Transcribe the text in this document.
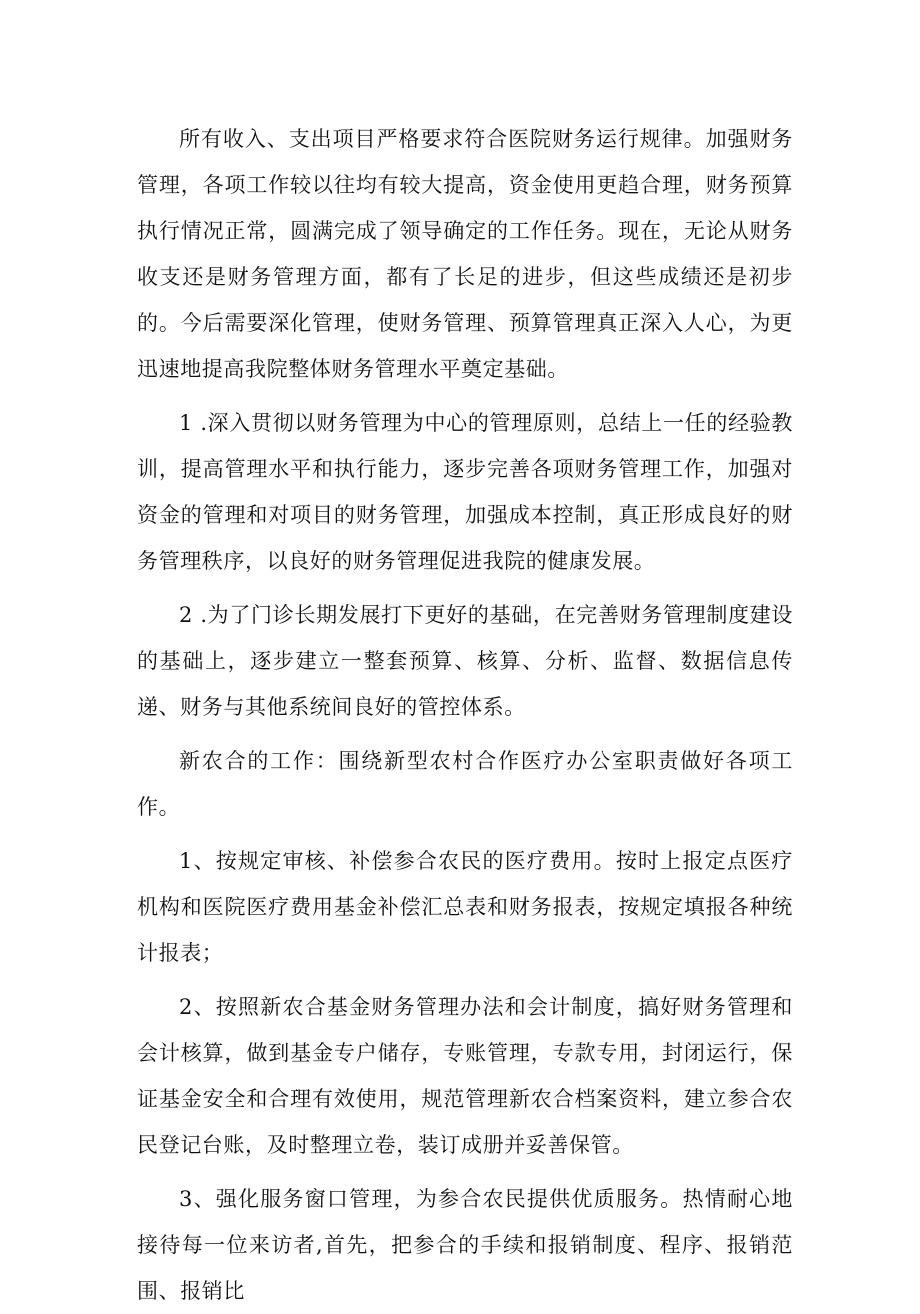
所有收入、支出项目严格要求符合医院财务运行规律。加强财务管理，各项工作较以往均有较大提高，资金使用更趋合理，财务预算执行情况正常，圆满完成了领导确定的工作任务。现在，无论从财务收支还是财务管理方面，都有了长足的进步，但这些成绩还是初步的。今后需要深化管理，使财务管理、预算管理真正深入人心，为更迅速地提高我院整体财务管理水平奠定基础。

1 .深入贯彻以财务管理为中心的管理原则，总结上一任的经验教训，提高管理水平和执行能力，逐步完善各项财务管理工作，加强对资金的管理和对项目的财务管理，加强成本控制，真正形成良好的财务管理秩序，以良好的财务管理促进我院的健康发展。

2 .为了门诊长期发展打下更好的基础，在完善财务管理制度建设的基础上，逐步建立一整套预算、核算、分析、监督、数据信息传递、财务与其他系统间良好的管控体系。

新农合的工作：围绕新型农村合作医疗办公室职责做好各项工作。

1、按规定审核、补偿参合农民的医疗费用。按时上报定点医疗机构和医院医疗费用基金补偿汇总表和财务报表，按规定填报各种统计报表；

2、按照新农合基金财务管理办法和会计制度，搞好财务管理和会计核算，做到基金专户储存，专账管理，专款专用，封闭运行，保证基金安全和合理有效使用，规范管理新农合档案资料，建立参合农民登记台账，及时整理立卷，装订成册并妥善保管。

3、强化服务窗口管理，为参合农民提供优质服务。热情耐心地接待每一位来访者,首先，把参合的手续和报销制度、程序、报销范围、报销比
